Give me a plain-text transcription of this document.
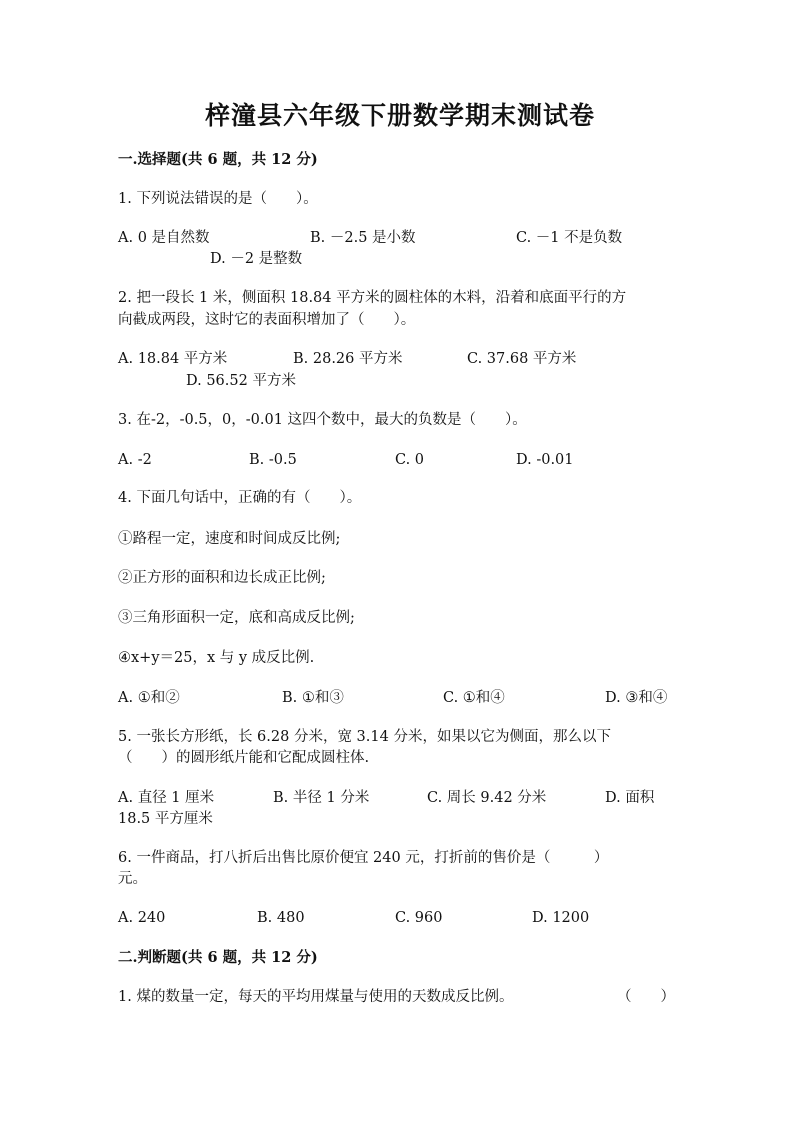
梓潼县六年级下册数学期末测试卷
一.选择题(共 6 题，共 12 分)
1. 下列说法错误的是（　　）。
A. 0 是自然数	B. －2.5 是小数	C. －1 不是负数
D. －2 是整数
2. 把一段长 1 米，侧面积 18.84 平方米的圆柱体的木料，沿着和底面平行的方
向截成两段，这时它的表面积增加了（　　）。
A. 18.84 平方米	B. 28.26 平方米	C. 37.68 平方米
D. 56.52 平方米
3. 在-2，-0.5，0，-0.01 这四个数中，最大的负数是（　　）。
A. -2	B. -0.5	C. 0	D. -0.01
4. 下面几句话中，正确的有（　　）。
①路程一定，速度和时间成反比例;
②正方形的面积和边长成正比例;
③三角形面积一定，底和高成反比例;
④x+y＝25，x 与 y 成反比例.
A. ①和②	B. ①和③	C. ①和④	D. ③和④
5. 一张长方形纸，长 6.28 分米，宽 3.14 分米，如果以它为侧面，那么以下
（　　）的圆形纸片能和它配成圆柱体.
A. 直径 1 厘米	B. 半径 1 分米	C. 周长 9.42 分米	D. 面积
18.5 平方厘米
6. 一件商品，打八折后出售比原价便宜 240 元，打折前的售价是（　　　）
元。
A. 240	B. 480	C. 960	D. 1200
二.判断题(共 6 题，共 12 分)
1. 煤的数量一定，每天的平均用煤量与使用的天数成反比例。	（　　）
